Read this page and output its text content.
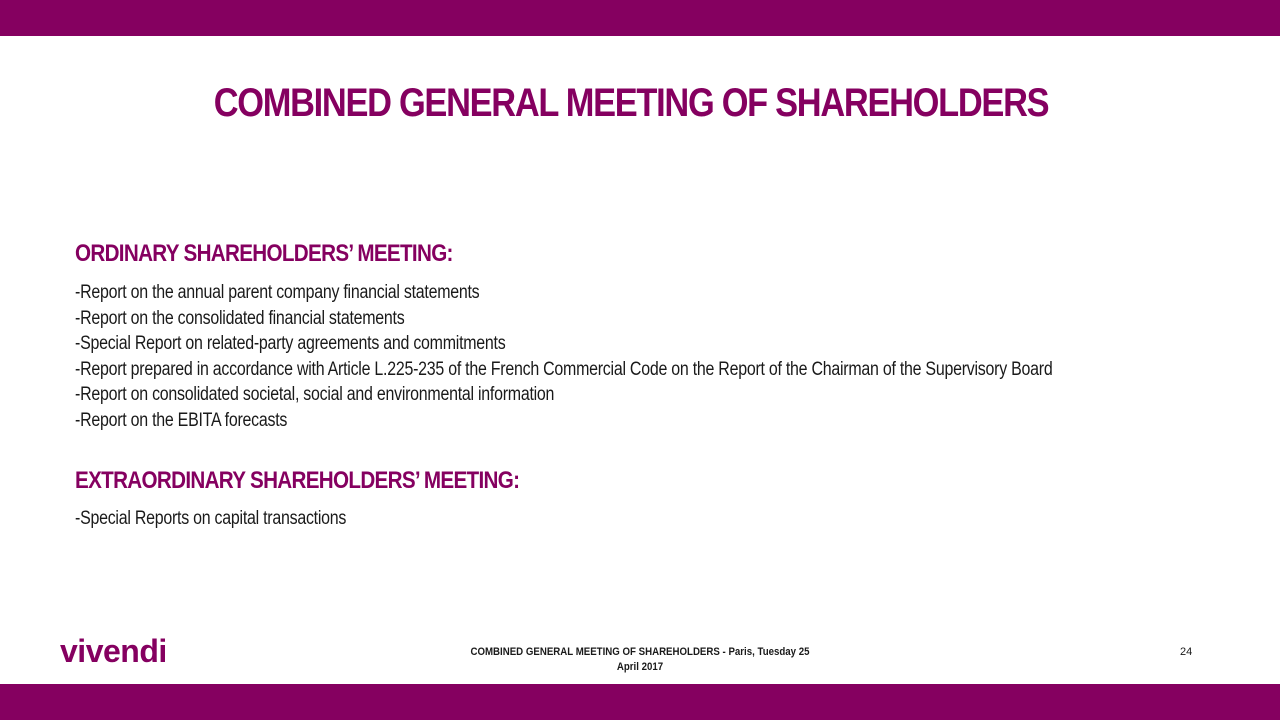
COMBINED GENERAL MEETING OF SHAREHOLDERS
ORDINARY SHAREHOLDERS’ MEETING:
-Report on the annual parent company financial statements
-Report on the consolidated financial statements
-Special Report on related-party agreements and commitments
-Report prepared in accordance with Article L.225-235 of the French Commercial Code on the Report of the Chairman of the Supervisory Board
-Report on consolidated societal, social and environmental information
-Report on the EBITA forecasts
EXTRAORDINARY SHAREHOLDERS’ MEETING:
-Special Reports on capital transactions
vivendi	COMBINED GENERAL MEETING OF SHAREHOLDERS - Paris, Tuesday 25
April 2017
24
